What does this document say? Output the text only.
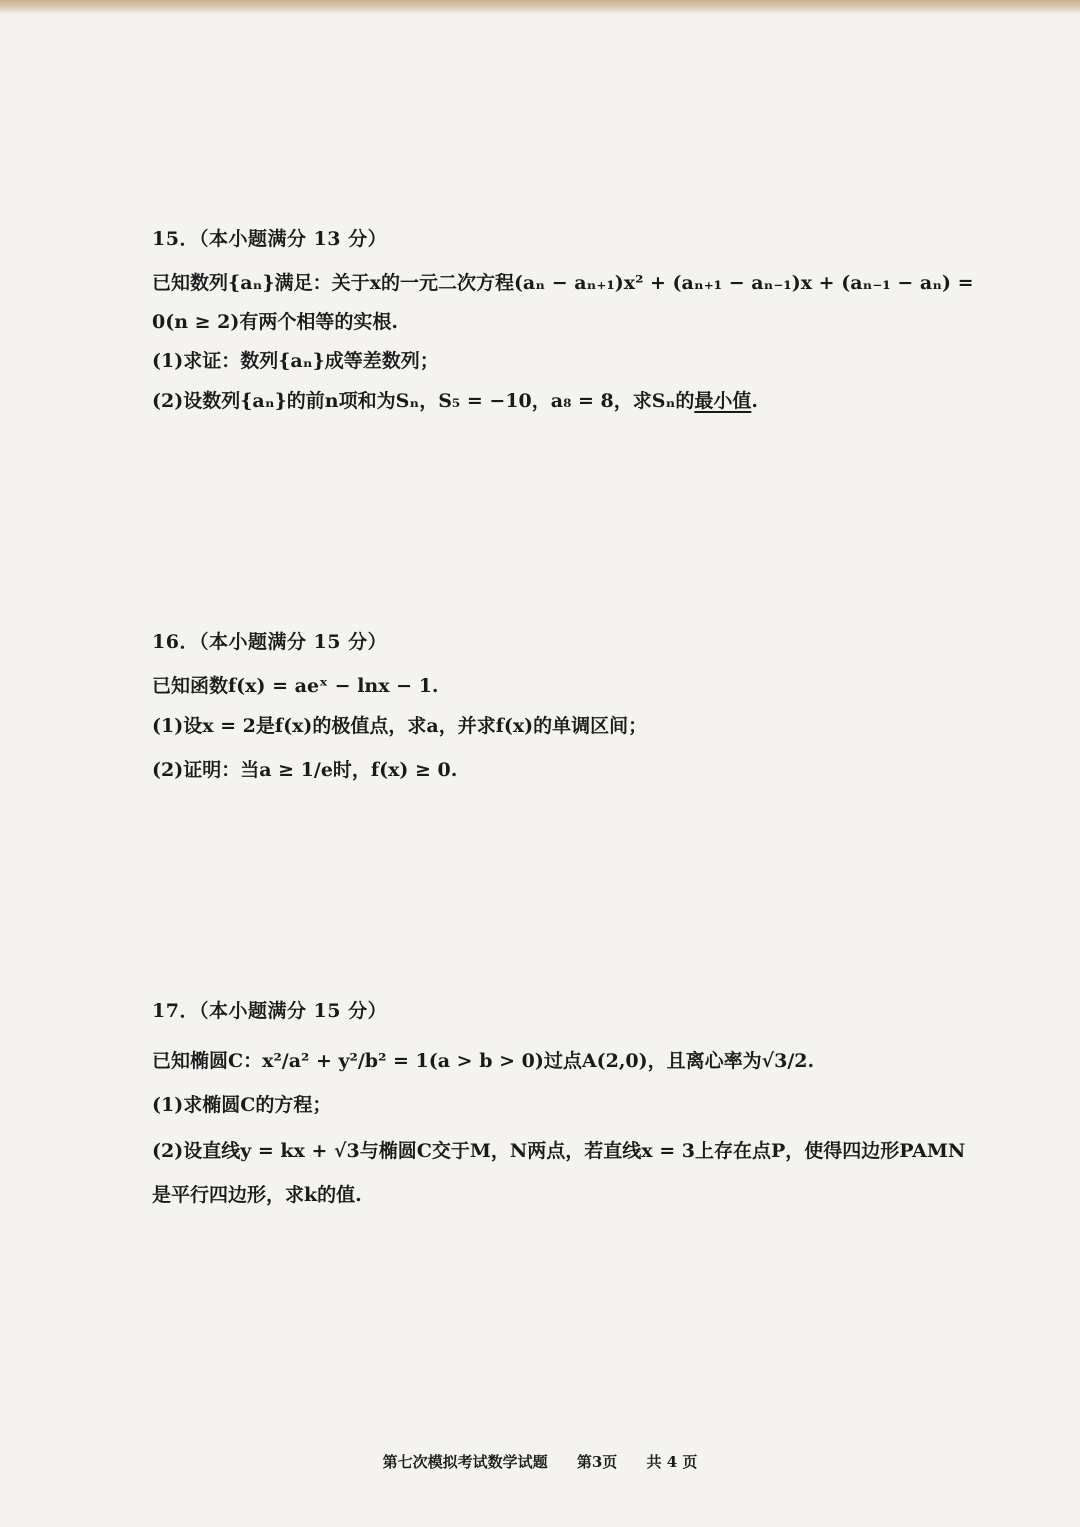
15．（本小题满分 13 分）

已知数列{aₙ}满足：关于x的一元二次方程(aₙ − aₙ₊₁)x² + (aₙ₊₁ − aₙ₋₁)x + (aₙ₋₁ − aₙ) =

0(n ≥ 2)有两个相等的实根.

(1)求证：数列{aₙ}成等差数列；

(2)设数列{aₙ}的前n项和为Sₙ，S₅ = −10，a₈ = 8，求Sₙ的最小值.

16．（本小题满分 15 分）

已知函数f(x) = aeˣ − lnx − 1.

(1)设x = 2是f(x)的极值点，求a，并求f(x)的单调区间；

(2)证明：当a ≥ 1/e时，f(x) ≥ 0.

17．（本小题满分 15 分）

已知椭圆C：x²/a² + y²/b² = 1(a > b > 0)过点A(2,0)，且离心率为√3/2.

(1)求椭圆C的方程；

(2)设直线y = kx + √3与椭圆C交于M，N两点，若直线x = 3上存在点P，使得四边形PAMN

是平行四边形，求k的值.

第七次模拟考试数学试题 第3页 共 4 页
